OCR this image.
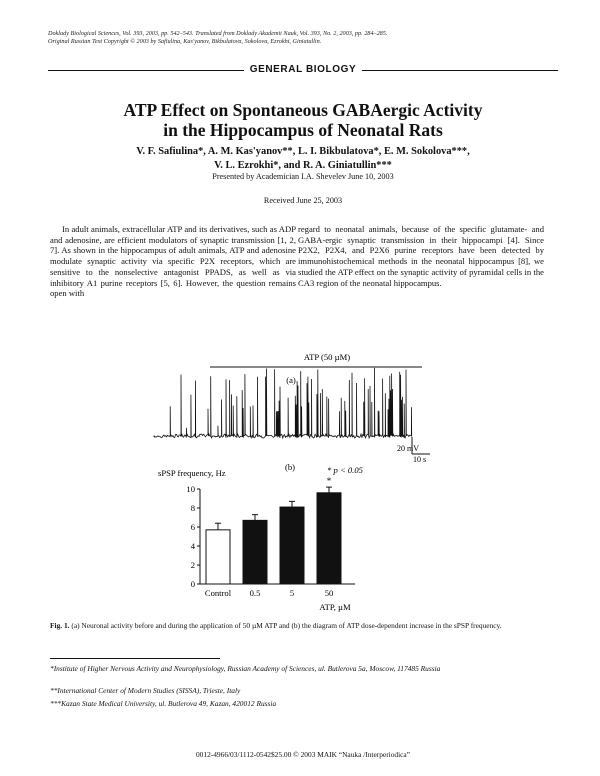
Doklady Biological Sciences, Vol. 393, 2003, pp. 542–543. Translated from Doklady Akademii Nauk, Vol. 393, No. 2, 2003, pp. 284–285.
Original Russian Text Copyright © 2003 by Safiulina, Kas'yanov, Bikbulatova, Sokolova, Ezrokhi, Giniatullin.
GENERAL BIOLOGY
ATP Effect on Spontaneous GABAergic Activity
in the Hippocampus of Neonatal Rats
V. F. Safiulina*, A. M. Kas'yanov**, L. I. Bikbulatova*, E. M. Sokolova***,
V. L. Ezrokhi*, and R. A. Giniatullin***
Presented by Academician I.A. Shevelev June 10, 2003
Received June 25, 2003
In adult animals, extracellular ATP and its derivatives, such as ADP and adenosine, are efficient modulators of synaptic transmission [1, 2, 7]. As shown in the hippocampus of adult animals, ATP and adenosine modulate synaptic activity via specific P2X receptors, which are sensitive to the nonselective antagonist PPADS, as well as via inhibitory A1 purine receptors [5, 6]. However, the question remains open with
regard to neonatal animals, because of the specific glutamate- and GABA-ergic synaptic transmission in their hippocampi [4]. Since P2X2, P2X4, and P2X6 purine receptors have been detected by immunohistochemical methods in the neonatal hippocampus [8], we studied the ATP effect on the synaptic activity of pyramidal cells in the CA3 region of the neonatal hippocampus.
ATP (50 µM)
(a)
20 mV
10 s
(b)	* p < 0.05
sPSP frequency, Hz
ATP, µM
0
2
4
6
8
10
Control 0.5	5	50
*
Fig. 1. (a) Neuronal activity before and during the application of 50 µM ATP and (b) the diagram of ATP dose-dependent increase in the sPSP frequency.
*Institute of Higher Nervous Activity and Neurophysiology, Russian Academy of Sciences, ul. Butlerova 5a, Moscow, 117485 Russia
**International Center of Modern Studies (SISSA), Trieste, Italy
***Kazan State Medical University, ul. Butlerova 49, Kazan, 420012 Russia
0012-4966/03/1112-0542$25.00 © 2003 MAIK “Nauka /Interperiodica”
